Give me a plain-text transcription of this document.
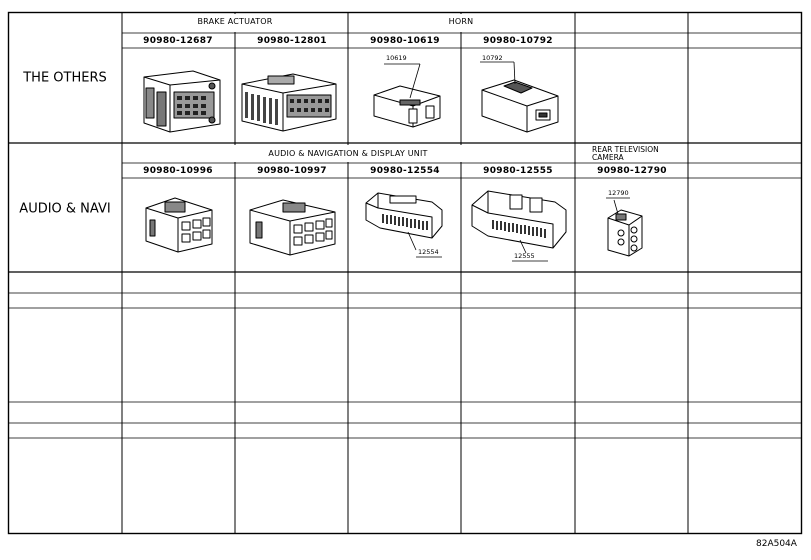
THE OTHERS
BRAKE ACTUATOR	HORN
90980-12687	90980-12801	90980-10619	90980-10792
10619	10792
AUDIO & NAVI
AUDIO & NAVIGATION & DISPLAY UNIT	REAR TELEVISION
CAMERA
90980-10996	90980-10997	90980-12554	90980-12555	90980-12790
12554	12555
12790
82A504A
